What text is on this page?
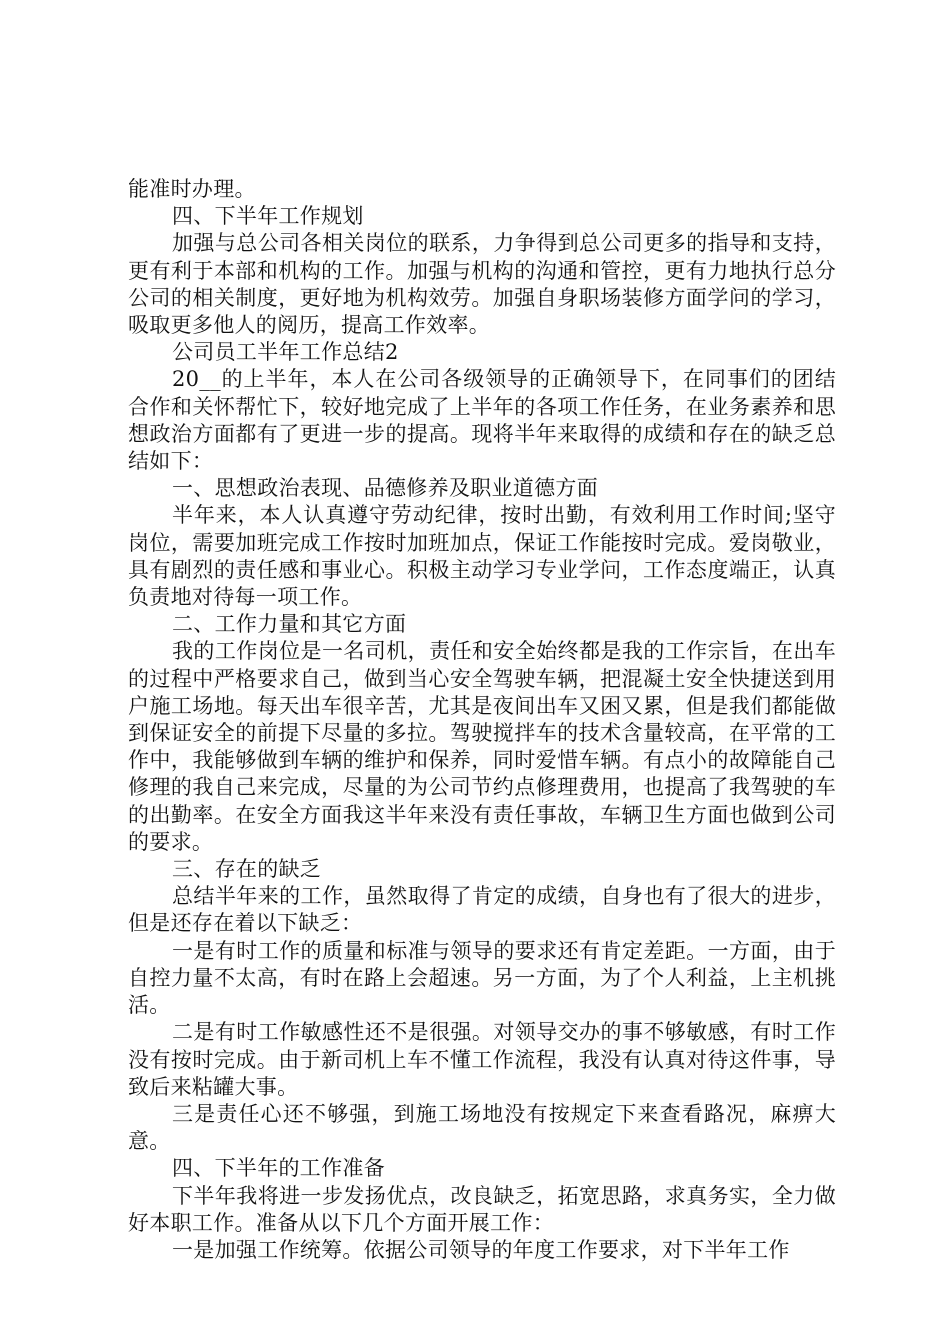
能准时办理。

四、下半年工作规划

加强与总公司各相关岗位的联系，力争得到总公司更多的指导和支持，更有利于本部和机构的工作。加强与机构的沟通和管控，更有力地执行总分公司的相关制度，更好地为机构效劳。加强自身职场装修方面学问的学习，吸取更多他人的阅历，提高工作效率。

公司员工半年工作总结2

20__的上半年，本人在公司各级领导的正确领导下，在同事们的团结合作和关怀帮忙下，较好地完成了上半年的各项工作任务，在业务素养和思想政治方面都有了更进一步的提高。现将半年来取得的成绩和存在的缺乏总结如下：

一、思想政治表现、品德修养及职业道德方面

半年来，本人认真遵守劳动纪律，按时出勤，有效利用工作时间;坚守岗位，需要加班完成工作按时加班加点，保证工作能按时完成。爱岗敬业，具有剧烈的责任感和事业心。积极主动学习专业学问，工作态度端正，认真负责地对待每一项工作。

二、工作力量和其它方面

我的工作岗位是一名司机，责任和安全始终都是我的工作宗旨，在出车的过程中严格要求自己，做到当心安全驾驶车辆，把混凝土安全快捷送到用户施工场地。每天出车很辛苦，尤其是夜间出车又困又累，但是我们都能做到保证安全的前提下尽量的多拉。驾驶搅拌车的技术含量较高，在平常的工作中，我能够做到车辆的维护和保养，同时爱惜车辆。有点小的故障能自己修理的我自己来完成，尽量的为公司节约点修理费用，也提高了我驾驶的车的出勤率。在安全方面我这半年来没有责任事故，车辆卫生方面也做到公司的要求。

三、存在的缺乏

总结半年来的工作，虽然取得了肯定的成绩，自身也有了很大的进步，但是还存在着以下缺乏：

一是有时工作的质量和标准与领导的要求还有肯定差距。一方面，由于自控力量不太高，有时在路上会超速。另一方面，为了个人利益，上主机挑活。

二是有时工作敏感性还不是很强。对领导交办的事不够敏感，有时工作没有按时完成。由于新司机上车不懂工作流程，我没有认真对待这件事，导致后来粘罐大事。

三是责任心还不够强，到施工场地没有按规定下来查看路况，麻痹大意。

四、下半年的工作准备

下半年我将进一步发扬优点，改良缺乏，拓宽思路，求真务实，全力做好本职工作。准备从以下几个方面开展工作：

一是加强工作统筹。依据公司领导的年度工作要求，对下半年工作
